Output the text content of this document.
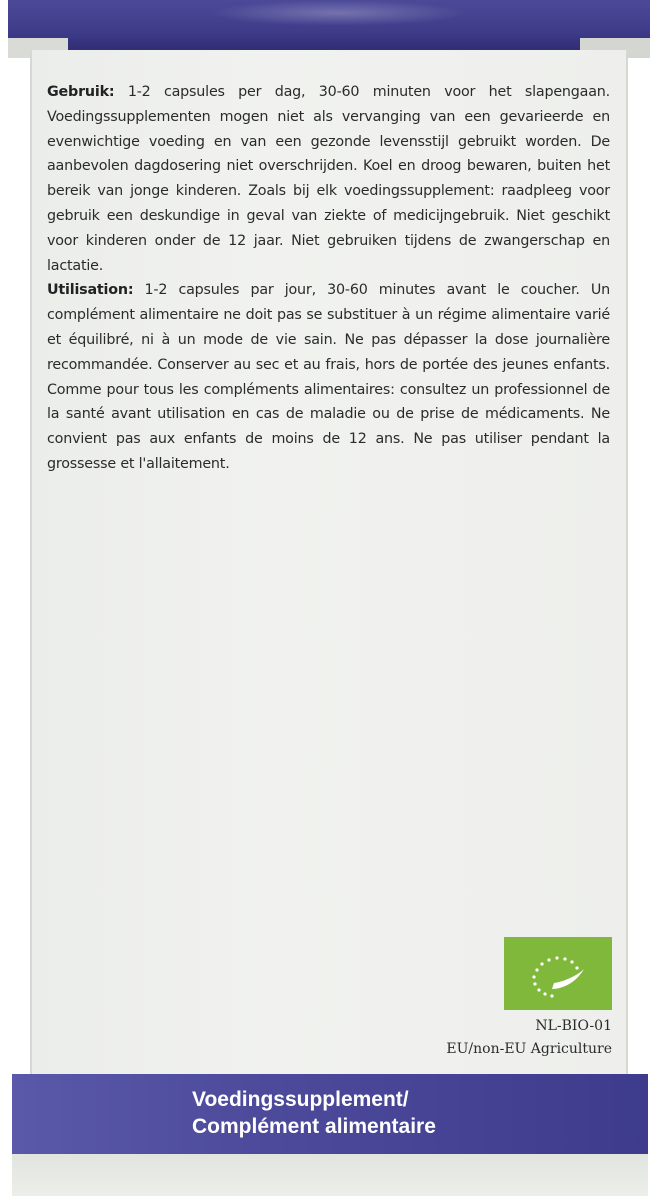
Gebruik: 1-2 capsules per dag, 30-60 minuten voor het slapengaan. Voedingssupplementen mogen niet als vervanging van een gevarieerde en evenwichtige voeding en van een gezonde levensstijl gebruikt worden. De aanbevolen dagdosering niet overschrijden. Koel en droog bewaren, buiten het bereik van jonge kinderen. Zoals bij elk voedingssupplement: raadpleeg voor gebruik een deskundige in geval van ziekte of medicijngebruik. Niet geschikt voor kinderen onder de 12 jaar. Niet gebruiken tijdens de zwangerschap en lactatie.

Utilisation: 1-2 capsules par jour, 30-60 minutes avant le coucher. Un complément alimentaire ne doit pas se substituer à un régime alimentaire varié et équilibré, ni à un mode de vie sain. Ne pas dépasser la dose journalière recommandée. Conserver au sec et au frais, hors de portée des jeunes enfants. Comme pour tous les compléments alimentaires: consultez un professionnel de la santé avant utilisation en cas de maladie ou de prise de médicaments. Ne convient pas aux enfants de moins de 12 ans. Ne pas utiliser pendant la grossesse et l'allaitement.

NL-BIO-01
EU/non-EU Agriculture
Voedingssupplement/
Complément alimentaire
